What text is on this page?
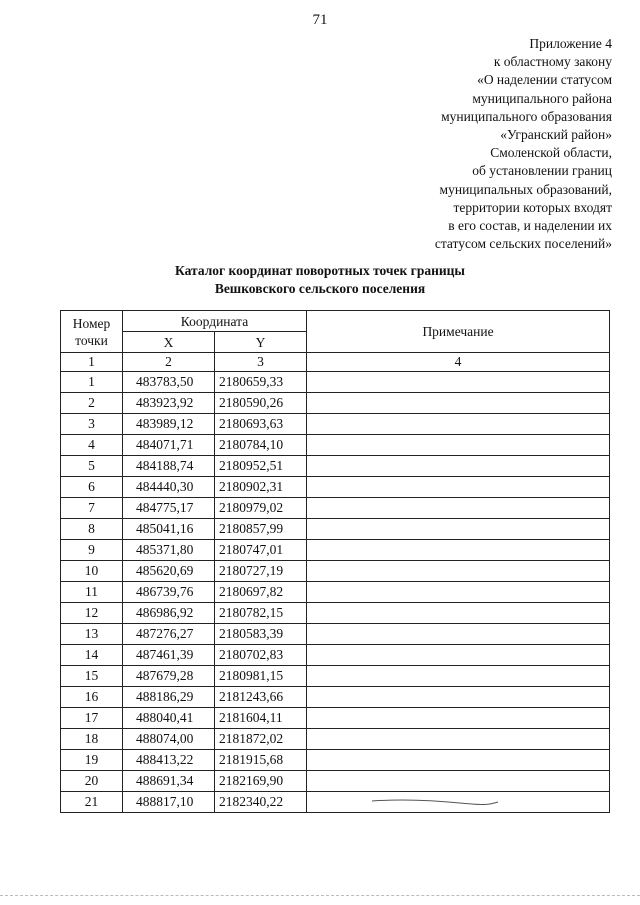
71
Приложение 4
к областному закону
«О наделении статусом
муниципального района
муниципального образования
«Угранский район»
Смоленской области,
об установлении границ
муниципальных образований,
территории которых входят
в его состав, и наделении их
статусом сельских поселений»
Каталог координат поворотных точек границы
Вешковского сельского поселения
Номер точки	Координата		Примечание
	X	Y	
1	2	3	4
1	483783,50	2180659,33	
2	483923,92	2180590,26	
3	483989,12	2180693,63	
4	484071,71	2180784,10	
5	484188,74	2180952,51	
6	484440,30	2180902,31	
7	484775,17	2180979,02	
8	485041,16	2180857,99	
9	485371,80	2180747,01	
10	485620,69	2180727,19	
11	486739,76	2180697,82	
12	486986,92	2180782,15	
13	487276,27	2180583,39	
14	487461,39	2180702,83	
15	487679,28	2180981,15	
16	488186,29	2181243,66	
17	488040,41	2181604,11	
18	488074,00	2181872,02	
19	488413,22	2181915,68	
20	488691,34	2182169,90	
21	488817,10	2182340,22	
